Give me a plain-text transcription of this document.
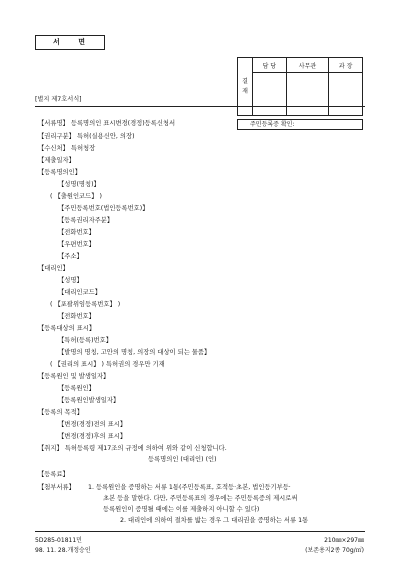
서 면
결
재	담 당	사무관	과 장

주민등록증 확인:
[별지 제7호서식]
【서류명】 등록명의인 표시변경(경정)등록신청서
【권리구분】 특허(실용신안, 의장)
【수신처】 특허청장
【제출일자】
【등록명의인】
【성명(명칭)】
( 【출원인코드】 )
【주민등록번호(법인등록번호)】
【등록권리자주분】
【전화번호】
【우편번호】
【주소】
【대리인】
【성명】
【대리인코드】
( 【포괄위임등록번호】 )
【전화번호】
【등록대상의 표시】
【특허(등록)번호】
【발명의 명칭, 고안의 명칭, 의장의 대상이 되는 물품】
( 【권리의 표시】 ) 특허권의 경우만 기재
【등록원인 및 발생일자】
【등록원인】
【등록원인발생일자】
【등록의 목적】
【변경(경정)전의 표시】
【변경(경정)후의 표시】
【취지】 특허등록령 제17조의 규정에 의하여 위와 같이 신청합니다.
등록명의인 (대리인) (인)
【등록료】
【첨부서류】 1. 등록원인을 증명하는 서류 1통(주민등록표, 호적등·초본, 법인등기부등·
초본 등을 말한다. 다만, 주민등록표의 경우에는 주민등록증의 제시로써
등록원인이 증명될 때에는 이를 제출하지 아니할 수 있다)
2. 대리인에 의하여 절차를 밟는 경우 그 대리권을 증명하는 서류 1통
5D285-01811민
98. 11. 28.개정승인
210㎜×297㎜
(보존용지2종 70g/㎡)
